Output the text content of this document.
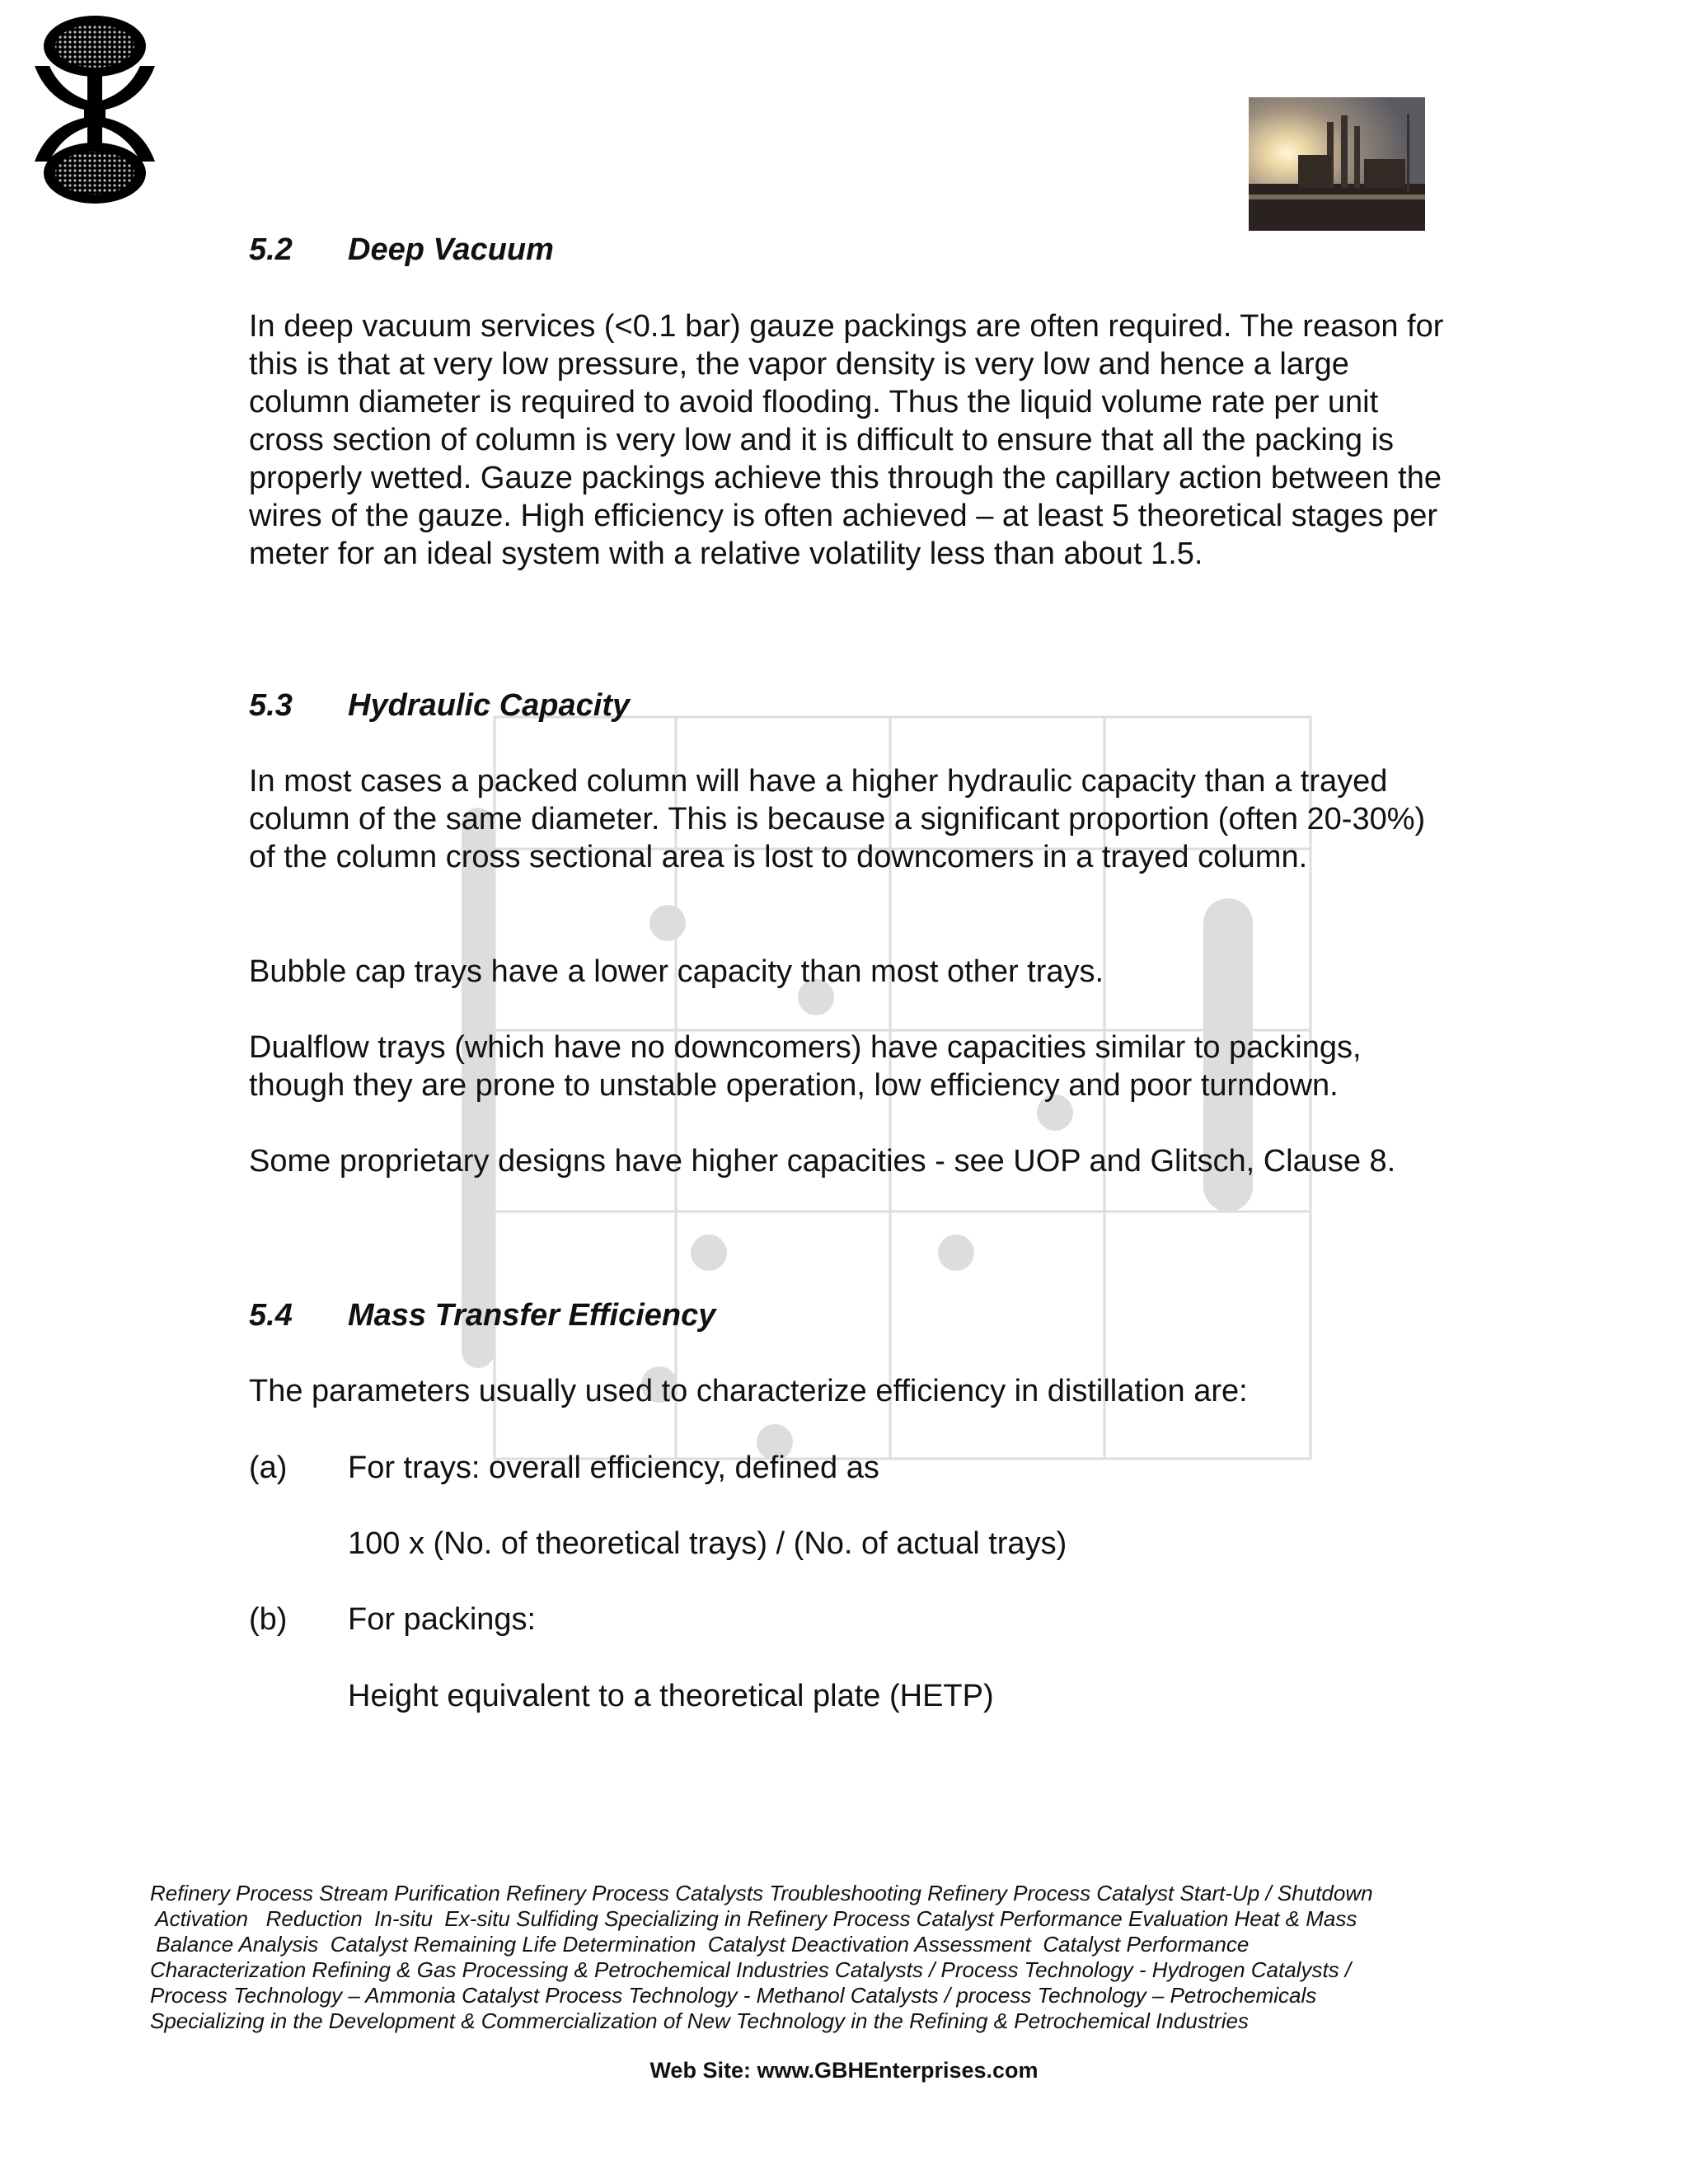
5.2 Deep Vacuum

In deep vacuum services (<0.1 bar) gauze packings are often required. The reason for this is that at very low pressure, the vapor density is very low and hence a large column diameter is required to avoid flooding. Thus the liquid volume rate per unit cross section of column is very low and it is difficult to ensure that all the packing is properly wetted. Gauze packings achieve this through the capillary action between the wires of the gauze. High efficiency is often achieved – at least 5 theoretical stages per meter for an ideal system with a relative volatility less than about 1.5.

5.3 Hydraulic Capacity

In most cases a packed column will have a higher hydraulic capacity than a trayed column of the same diameter. This is because a significant proportion (often 20-30%) of the column cross sectional area is lost to downcomers in a trayed column.

Bubble cap trays have a lower capacity than most other trays.

Dualflow trays (which have no downcomers) have capacities similar to packings, though they are prone to unstable operation, low efficiency and poor turndown.

Some proprietary designs have higher capacities - see UOP and Glitsch, Clause 8.

5.4 Mass Transfer Efficiency

The parameters usually used to characterize efficiency in distillation are:

(a) For trays: overall efficiency, defined as

100 x (No. of theoretical trays) / (No. of actual trays)

(b) For packings:

Height equivalent to a theoretical plate (HETP)

Refinery Process Stream Purification Refinery Process Catalysts Troubleshooting Refinery Process Catalyst Start-Up / Shutdown
Activation   Reduction  In-situ  Ex-situ Sulfiding Specializing in Refinery Process Catalyst Performance Evaluation Heat & Mass
Balance Analysis  Catalyst Remaining Life Determination  Catalyst Deactivation Assessment  Catalyst Performance
Characterization Refining & Gas Processing & Petrochemical Industries Catalysts / Process Technology - Hydrogen Catalysts /
Process Technology – Ammonia Catalyst Process Technology - Methanol Catalysts / process Technology – Petrochemicals
Specializing in the Development & Commercialization of New Technology in the Refining & Petrochemical Industries

Web Site: www.GBHEnterprises.com
